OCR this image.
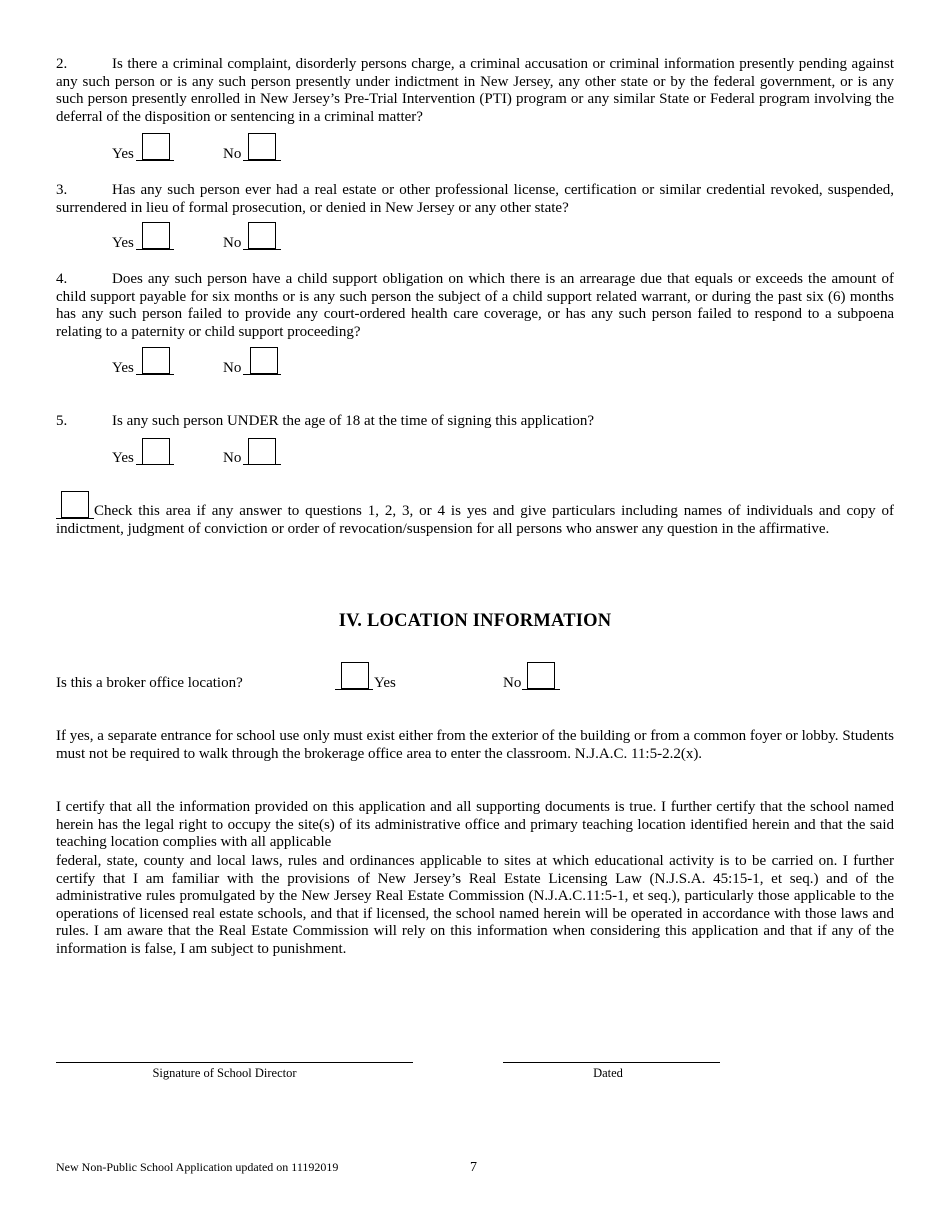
2.	Is there a criminal complaint, disorderly persons charge, a criminal accusation or criminal information presently pending against any such person or is any such person presently under indictment in New Jersey, any other state or by the federal government, or is any such person presently enrolled in New Jersey’s Pre-Trial Intervention (PTI) program or any similar State or Federal program involving the deferral of the disposition or sentencing in a criminal matter?
Yes	No
3.	Has any such person ever had a real estate or other professional license, certification or similar credential revoked, suspended, surrendered in lieu of formal prosecution, or denied in New Jersey or any other state?
Yes	No
4.	Does any such person have a child support obligation on which there is an arrearage due that equals or exceeds the amount of child support payable for six months or is any such person the subject of a child support related warrant, or during the past six (6) months has any such person failed to provide any court-ordered health care coverage, or has any such person failed to respond to a subpoena relating to a paternity or child support proceeding?
Yes	No
5.	Is any such person UNDER the age of 18 at the time of signing this application?
Yes	No
Check this area if any answer to questions 1, 2, 3, or 4 is yes and give particulars including names of individuals and copy of indictment, judgment of conviction or order of revocation/suspension for all persons who answer any question in the affirmative.
IV. LOCATION INFORMATION
Is this a broker office location?	Yes	No
If yes, a separate entrance for school use only must exist either from the exterior of the building or from a common foyer or lobby. Students must not be required to walk through the brokerage office area to enter the classroom. N.J.A.C. 11:5-2.2(x).
I certify that all the information provided on this application and all supporting documents is true. I further certify that the school named herein has the legal right to occupy the site(s) of its administrative office and primary teaching location identified herein and that the said teaching location complies with all applicable
federal, state, county and local laws, rules and ordinances applicable to sites at which educational activity is to be carried on. I further certify that I am familiar with the provisions of New Jersey’s Real Estate Licensing Law (N.J.S.A. 45:15-1, et seq.) and of the administrative rules promulgated by the New Jersey Real Estate Commission (N.J.A.C.11:5-1, et seq.), particularly those applicable to the operations of licensed real estate schools, and that if licensed, the school named herein will be operated in accordance with those laws and rules. I am aware that the Real Estate Commission will rely on this information when considering this application and that if any of the information is false, I am subject to punishment.
Signature of School Director	Dated
New Non-Public School Application updated on 11192019	7
